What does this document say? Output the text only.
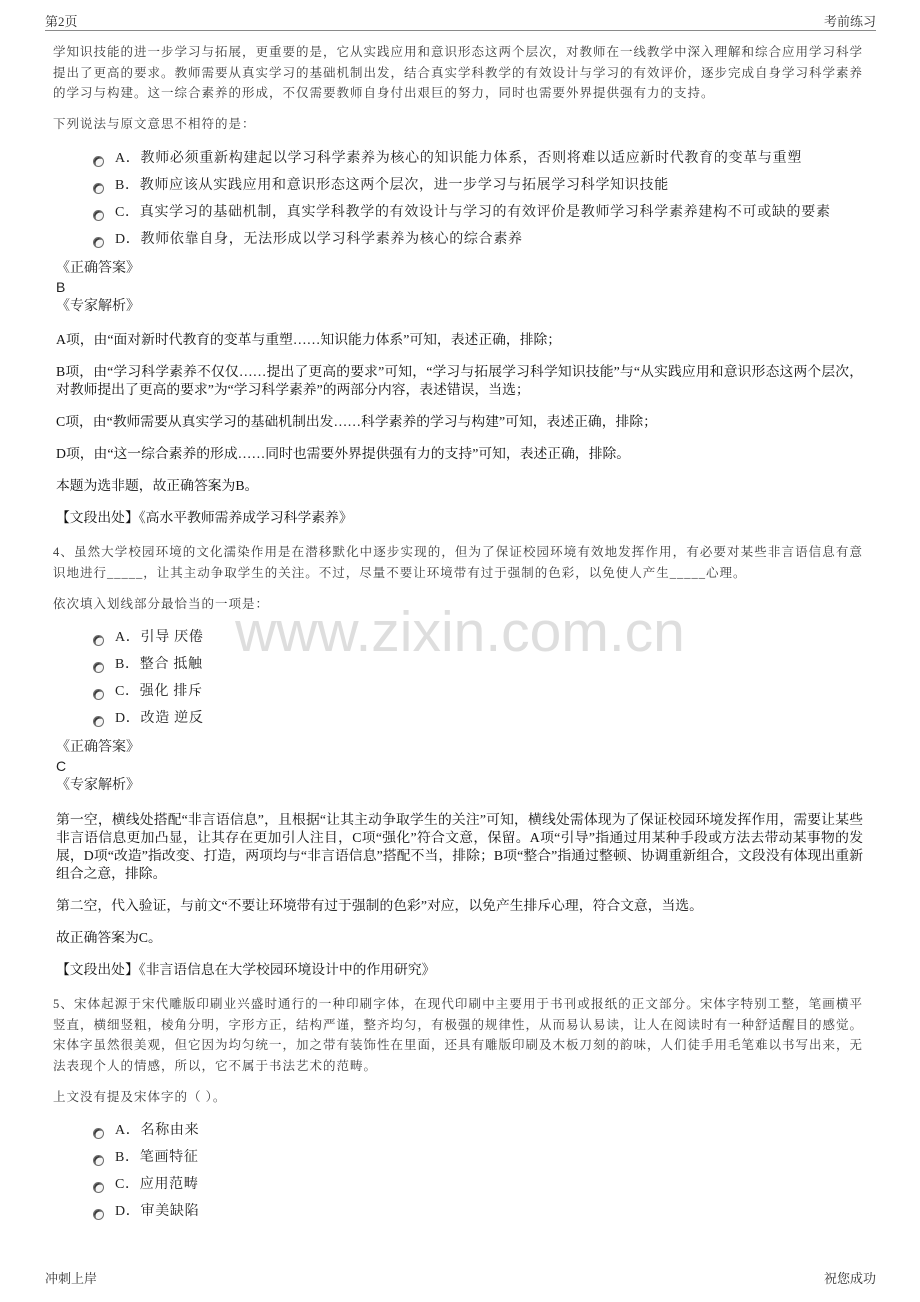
第2页	考前练习
www.zixin.com.cn

学知识技能的进一步学习与拓展，更重要的是，它从实践应用和意识形态这两个层次，对教师在一线教学中深入理解和综合应用学习科学提出了更高的要求。教师需要从真实学习的基础机制出发，结合真实学科教学的有效设计与学习的有效评价，逐步完成自身学习科学素养的学习与构建。这一综合素养的形成，不仅需要教师自身付出艰巨的努力，同时也需要外界提供强有力的支持。

下列说法与原文意思不相符的是：

A． 教师必须重新构建起以学习科学素养为核心的知识能力体系，否则将难以适应新时代教育的变革与重塑
B． 教师应该从实践应用和意识形态这两个层次，进一步学习与拓展学习科学知识技能
C． 真实学习的基础机制，真实学科教学的有效设计与学习的有效评价是教师学习科学素养建构不可或缺的要素
D． 教师依靠自身，无法形成以学习科学素养为核心的综合素养
《正确答案》
B
《专家解析》

A项，由“面对新时代教育的变革与重塑……知识能力体系”可知，表述正确，排除；

B项，由“学习科学素养不仅仅……提出了更高的要求”可知，“学习与拓展学习科学知识技能”与“从实践应用和意识形态这两个层次，对教师提出了更高的要求”为“学习科学素养”的两部分内容，表述错误，当选；

C项，由“教师需要从真实学习的基础机制出发……科学素养的学习与构建”可知，表述正确，排除；

D项，由“这一综合素养的形成……同时也需要外界提供强有力的支持”可知，表述正确，排除。

本题为选非题，故正确答案为B。

【文段出处】《高水平教师需养成学习科学素养》

4、虽然大学校园环境的文化濡染作用是在潜移默化中逐步实现的，但为了保证校园环境有效地发挥作用，有必要对某些非言语信息有意识地进行_____，让其主动争取学生的关注。不过，尽量不要让环境带有过于强制的色彩，以免使人产生_____心理。

依次填入划线部分最恰当的一项是：

A． 引导 厌倦
B． 整合 抵触
C． 强化 排斥
D． 改造 逆反
《正确答案》
C
《专家解析》

第一空，横线处搭配“非言语信息”，且根据“让其主动争取学生的关注”可知，横线处需体现为了保证校园环境发挥作用，需要让某些非言语信息更加凸显，让其存在更加引人注目，C项“强化”符合文意，保留。A项“引导”指通过用某种手段或方法去带动某事物的发展，D项“改造”指改变、打造，两项均与“非言语信息”搭配不当，排除；B项“整合”指通过整顿、协调重新组合，文段没有体现出重新组合之意，排除。

第二空，代入验证，与前文“不要让环境带有过于强制的色彩”对应，以免产生排斥心理，符合文意，当选。

故正确答案为C。

【文段出处】《非言语信息在大学校园环境设计中的作用研究》

5、宋体起源于宋代雕版印刷业兴盛时通行的一种印刷字体，在现代印刷中主要用于书刊或报纸的正文部分。宋体字特别工整，笔画横平竖直，横细竖粗，棱角分明，字形方正，结构严谨，整齐均匀，有极强的规律性，从而易认易读，让人在阅读时有一种舒适醒目的感觉。宋体字虽然很美观，但它因为均匀统一，加之带有装饰性在里面，还具有雕版印刷及木板刀刻的韵味，人们徒手用毛笔难以书写出来，无法表现个人的情感，所以，它不属于书法艺术的范畴。

上文没有提及宋体字的（ ）。

A． 名称由来
B． 笔画特征
C． 应用范畴
D． 审美缺陷
冲刺上岸	祝您成功
